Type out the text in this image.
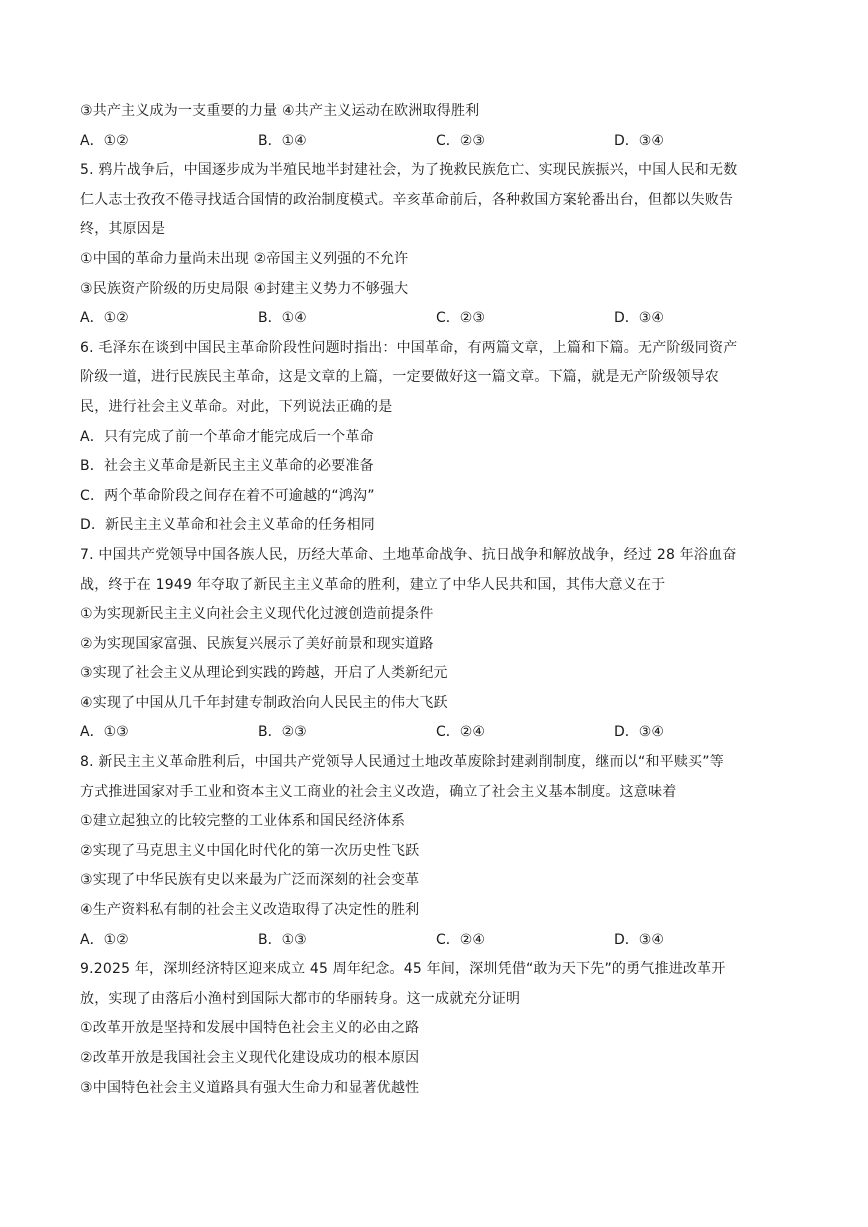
③共产主义成为一支重要的力量 ④共产主义运动在欧洲取得胜利
A．①②	B．①④	C．②③	D．③④
5. 鸦片战争后，中国逐步成为半殖民地半封建社会，为了挽救民族危亡、实现民族振兴，中国人民和无数
仁人志士孜孜不倦寻找适合国情的政治制度模式。辛亥革命前后，各种救国方案轮番出台，但都以失败告
终，其原因是
①中国的革命力量尚未出现 ②帝国主义列强的不允许
③民族资产阶级的历史局限 ④封建主义势力不够强大
A．①②	B．①④	C．②③	D．③④
6. 毛泽东在谈到中国民主革命阶段性问题时指出：中国革命，有两篇文章，上篇和下篇。无产阶级同资产
阶级一道，进行民族民主革命，这是文章的上篇，一定要做好这一篇文章。下篇，就是无产阶级领导农
民，进行社会主义革命。对此，下列说法正确的是
A．只有完成了前一个革命才能完成后一个革命
B．社会主义革命是新民主主义革命的必要准备
C．两个革命阶段之间存在着不可逾越的“鸿沟”
D．新民主主义革命和社会主义革命的任务相同
7. 中国共产党领导中国各族人民，历经大革命、土地革命战争、抗日战争和解放战争，经过 28 年浴血奋
战，终于在 1949 年夺取了新民主主义革命的胜利，建立了中华人民共和国，其伟大意义在于
①为实现新民主主义向社会主义现代化过渡创造前提条件
②为实现国家富强、民族复兴展示了美好前景和现实道路
③实现了社会主义从理论到实践的跨越，开启了人类新纪元
④实现了中国从几千年封建专制政治向人民民主的伟大飞跃
A．①③	B．②③	C．②④	D．③④
8. 新民主主义革命胜利后，中国共产党领导人民通过土地改革废除封建剥削制度，继而以“和平赎买”等
方式推进国家对手工业和资本主义工商业的社会主义改造，确立了社会主义基本制度。这意味着
①建立起独立的比较完整的工业体系和国民经济体系
②实现了马克思主义中国化时代化的第一次历史性飞跃
③实现了中华民族有史以来最为广泛而深刻的社会变革
④生产资料私有制的社会主义改造取得了决定性的胜利
A．①②	B．①③	C．②④	D．③④
9.2025 年，深圳经济特区迎来成立 45 周年纪念。45 年间，深圳凭借“敢为天下先”的勇气推进改革开
放，实现了由落后小渔村到国际大都市的华丽转身。这一成就充分证明
①改革开放是坚持和发展中国特色社会主义的必由之路
②改革开放是我国社会主义现代化建设成功的根本原因
③中国特色社会主义道路具有强大生命力和显著优越性
